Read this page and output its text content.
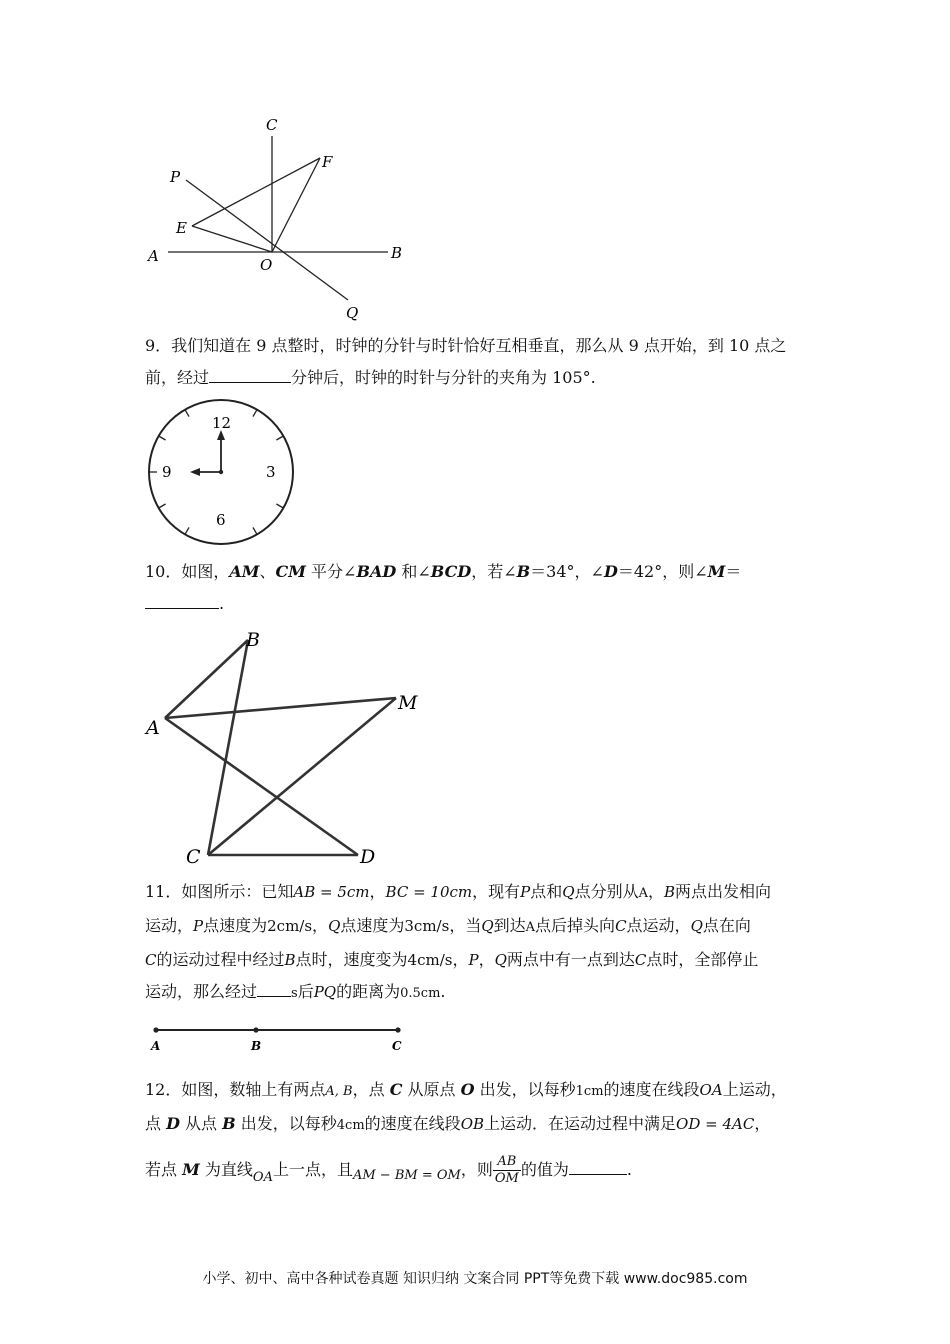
C
F
P
E
A	O
B
Q
9．我们知道在 9 点整时，时钟的分针与时针恰好互相垂直，那么从 9 点开始，到 10 点之
前，经过	分钟后，时钟的时针与分针的夹角为 105°.
12
3
6
9
10．如图，AM、CM 平分∠BAD 和∠BCD，若∠B＝34°，∠D＝42°，则∠M＝
.
B
M
A
C	D
11．如图所示：已知AB = 5cm，BC = 10cm，现有P点和Q点分别从A，B两点出发相向
运动，P点速度为2cm/s，Q点速度为3cm/s，当Q到达A点后掉头向C点运动，Q点在向
C的运动过程中经过B点时，速度变为4cm/s，P，Q两点中有一点到达C点时，全部停止
运动，那么经过	s后PQ的距离为0.5cm.
A	B	C
12．如图，数轴上有两点A, B，点 C 从原点 O 出发，以每秒1cm的速度在线段OA上运动，
点 D 从点 B 出发，以每秒4cm的速度在线段OB上运动．在运动过程中满足OD = 4AC，
若点 M 为直线$_{OA}$上一点，且$_{AM - BM = OM}$，则 $\frac{AB}{OM}$ 的值为	.
小学、初中、高中各种试卷真题 知识归纳 文案合同 PPT等免费下载 www.doc985.com
